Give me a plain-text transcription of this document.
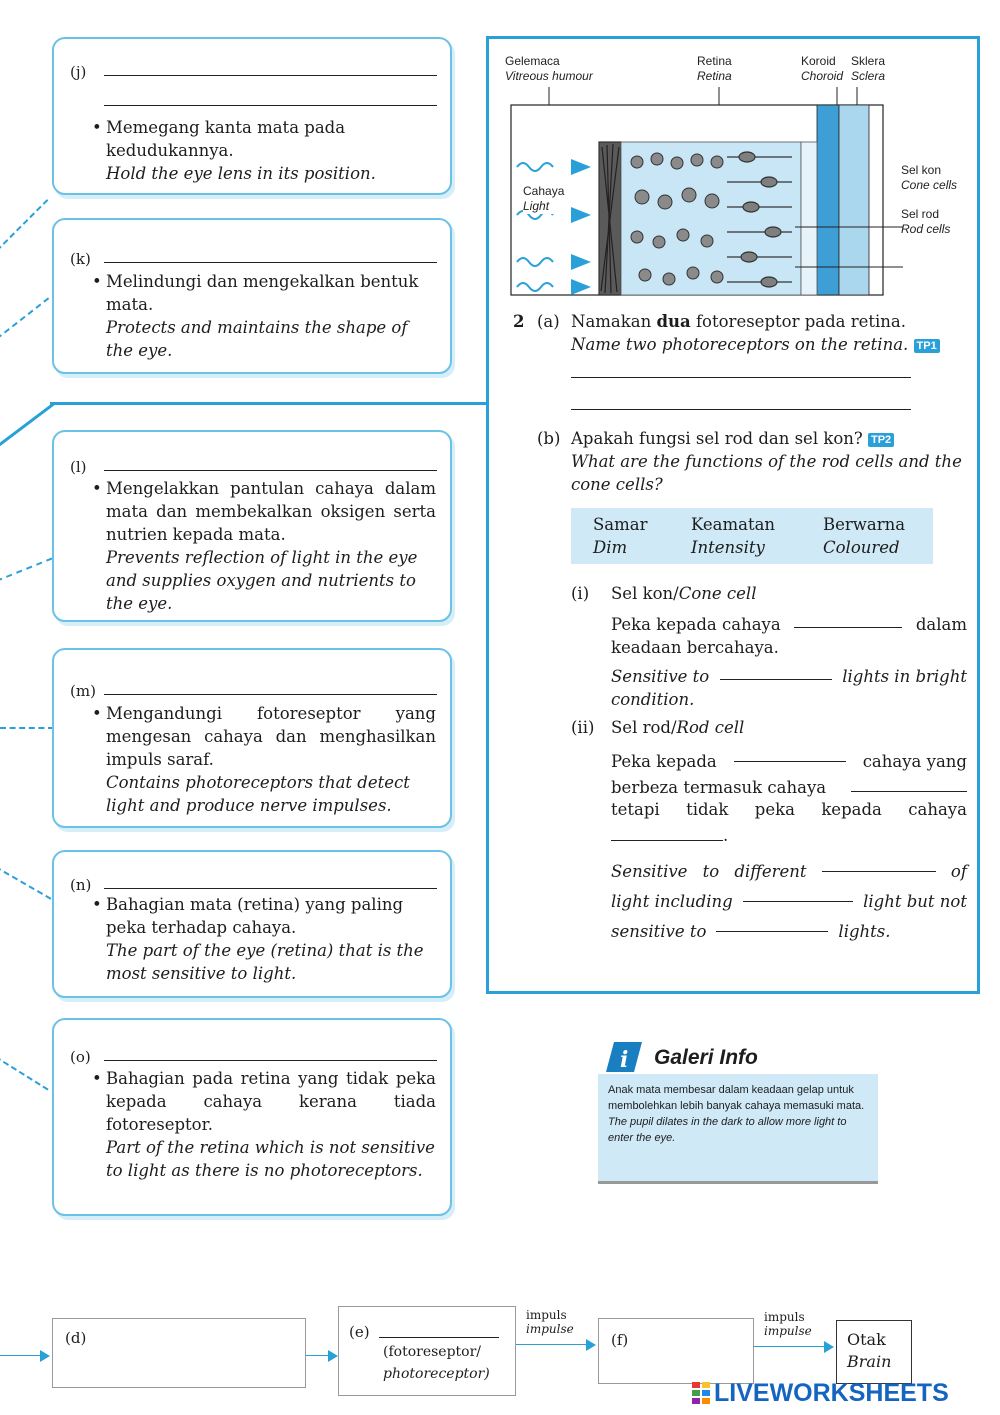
(j)
• Memegang kanta mata pada kedudukannya.
Hold the eye lens in its position.
(k)
• Melindungi dan mengekalkan bentuk mata.
Protects and maintains the shape of the eye.
(l)
• Mengelakkan pantulan cahaya dalam mata dan membekalkan oksigen serta nutrien kepada mata.
Prevents reflection of light in the eye and supplies oxygen and nutrients to the eye.
(m)
• Mengandungi fotoreseptor yang mengesan cahaya dan menghasilkan impuls saraf.
Contains photoreceptors that detect light and produce nerve impulses.
(n)
• Bahagian mata (retina) yang paling peka terhadap cahaya.
The part of the eye (retina) that is the most sensitive to light.
(o)
• Bahagian pada retina yang tidak peka kepada cahaya kerana tiada fotoreseptor.
Part of the retina which is not sensitive to light as there is no photoreceptors.
Gelemaca
Vitreous humour
Retina
Retina
Koroid
Choroid
Sklera
Sclera
Cahaya
Light
Sel kon
Cone cells
Sel rod
Rod cells
2 (a) Namakan dua fotoreseptor pada retina.
Name two photoreceptors on the retina. TP1
(b) Apakah fungsi sel rod dan sel kon? TP2
What are the functions of the rod cells and the cone cells?
Samar
Dim
Keamatan
Intensity
Berwarna
Coloured
(i) Sel kon/Cone cell
Peka kepada cahaya	dalam
keadaan bercahaya.
Sensitive to	lights in bright
condition.
(ii) Sel rod/Rod cell
Peka kepada	cahaya yang
berbeza termasuk cahaya
tetapi tidak peka kepada cahaya
.
Sensitive to different	of
light including	light but not
sensitive to	lights.
i Galeri Info
Anak mata membesar dalam keadaan gelap untuk membolehkan lebih banyak cahaya memasuki mata.
The pupil dilates in the dark to allow more light to enter the eye.
(d)	(e)
(fotoreseptor/
photoreceptor)
impuls
impulse
(f)
impuls
impulse Otak
Brain
LIVEWORKSHEETS
